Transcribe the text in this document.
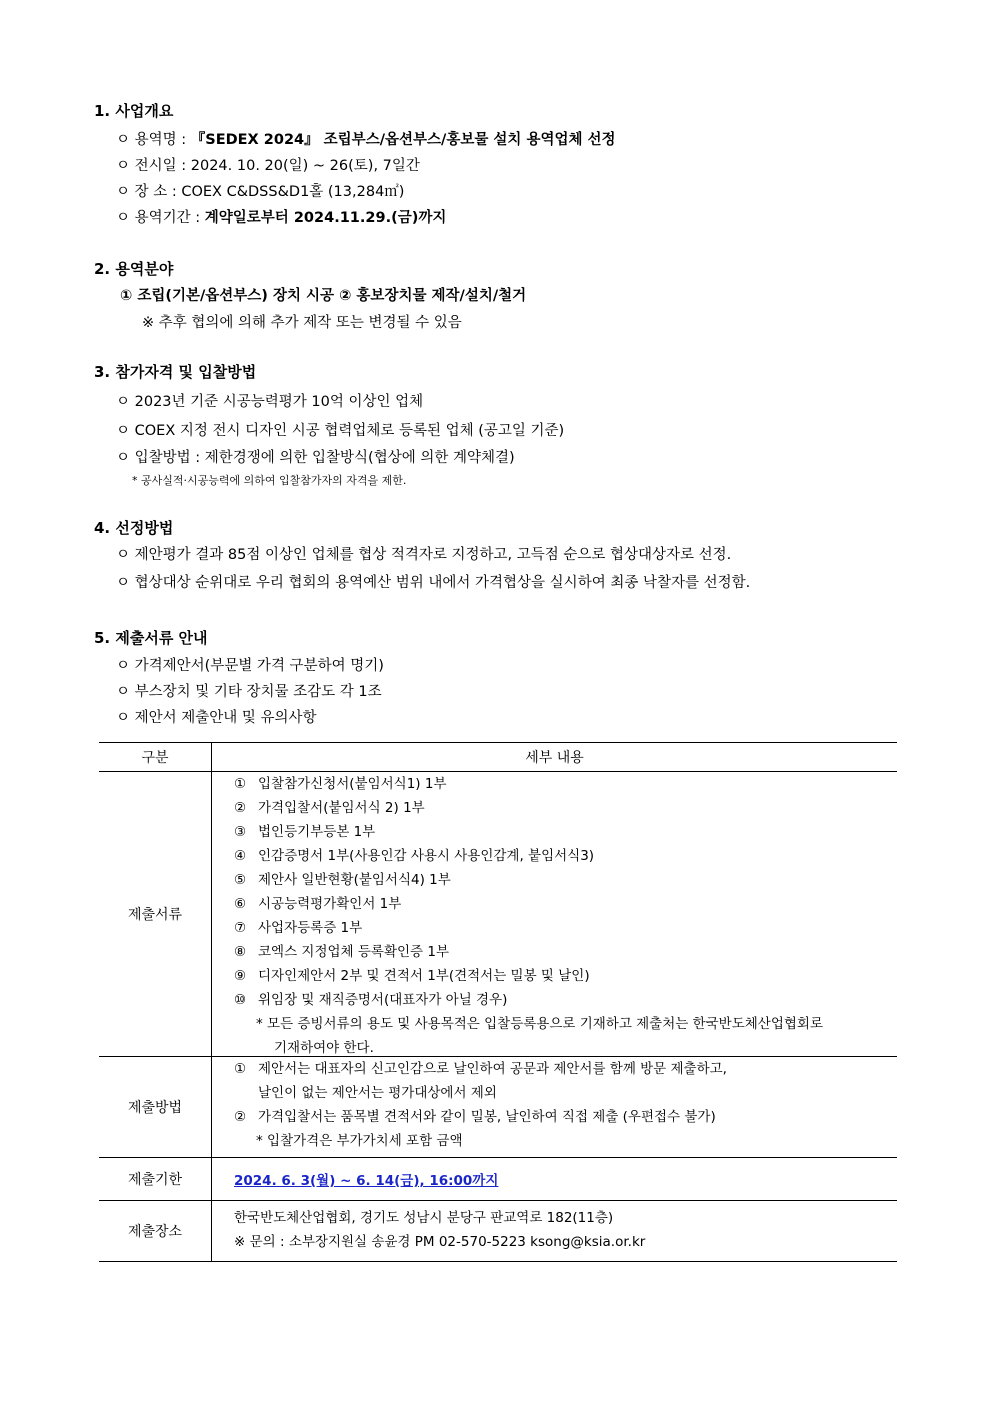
1. 사업개요
ㅇ 용역명 : 『SEDEX 2024』 조립부스/옵션부스/홍보물 설치 용역업체 선정
ㅇ 전시일 : 2024. 10. 20(일) ~ 26(토), 7일간
ㅇ 장 소 : COEX C&DSS&D1홀 (13,284㎡)
ㅇ 용역기간 : 계약일로부터 2024.11.29.(금)까지
2. 용역분야
① 조립(기본/옵션부스) 장치 시공 ② 홍보장치물 제작/설치/철거
※ 추후 협의에 의해 추가 제작 또는 변경될 수 있음
3. 참가자격 및 입찰방법
ㅇ 2023년 기준 시공능력평가 10억 이상인 업체
ㅇ COEX 지정 전시 디자인 시공 협력업체로 등록된 업체 (공고일 기준)
ㅇ 입찰방법 : 제한경쟁에 의한 입찰방식(협상에 의한 계약체결)
* 공사실적·시공능력에 의하여 입찰참가자의 자격을 제한.
4. 선정방법
ㅇ 제안평가 결과 85점 이상인 업체를 협상 적격자로 지정하고, 고득점 순으로 협상대상자로 선정.
ㅇ 협상대상 순위대로 우리 협회의 용역예산 범위 내에서 가격협상을 실시하여 최종 낙찰자를 선정함.
5. 제출서류 안내
ㅇ 가격제안서(부문별 가격 구분하여 명기)
ㅇ 부스장치 및 기타 장치물 조감도 각 1조
ㅇ 제안서 제출안내 및 유의사항
구분	세부 내용
제출서류
① 입찰참가신청서(붙임서식1) 1부
② 가격입찰서(붙임서식 2) 1부
③ 법인등기부등본 1부
④ 인감증명서 1부(사용인감 사용시 사용인감계, 붙임서식3)
⑤ 제안사 일반현황(붙임서식4) 1부
⑥ 시공능력평가확인서 1부
⑦ 사업자등록증 1부
⑧ 코엑스 지정업체 등록확인증 1부
⑨ 디자인제안서 2부 및 견적서 1부(견적서는 밀봉 및 날인)
⑩ 위임장 및 재직증명서(대표자가 아닐 경우)
* 모든 증빙서류의 용도 및 사용목적은 입찰등록용으로 기재하고 제출처는 한국반도체산업협회로
기재하여야 한다.
제출방법
① 제안서는 대표자의 신고인감으로 날인하여 공문과 제안서를 함께 방문 제출하고,
날인이 없는 제안서는 평가대상에서 제외
② 가격입찰서는 품목별 견적서와 같이 밀봉, 날인하여 직접 제출 (우편접수 불가)
* 입찰가격은 부가가치세 포함 금액
제출기한	2024. 6. 3(월) ~ 6. 14(금), 16:00까지
제출장소
한국반도체산업협회, 경기도 성남시 분당구 판교역로 182(11층)
※ 문의 : 소부장지원실 송윤경 PM 02-570-5223 ksong@ksia.or.kr
